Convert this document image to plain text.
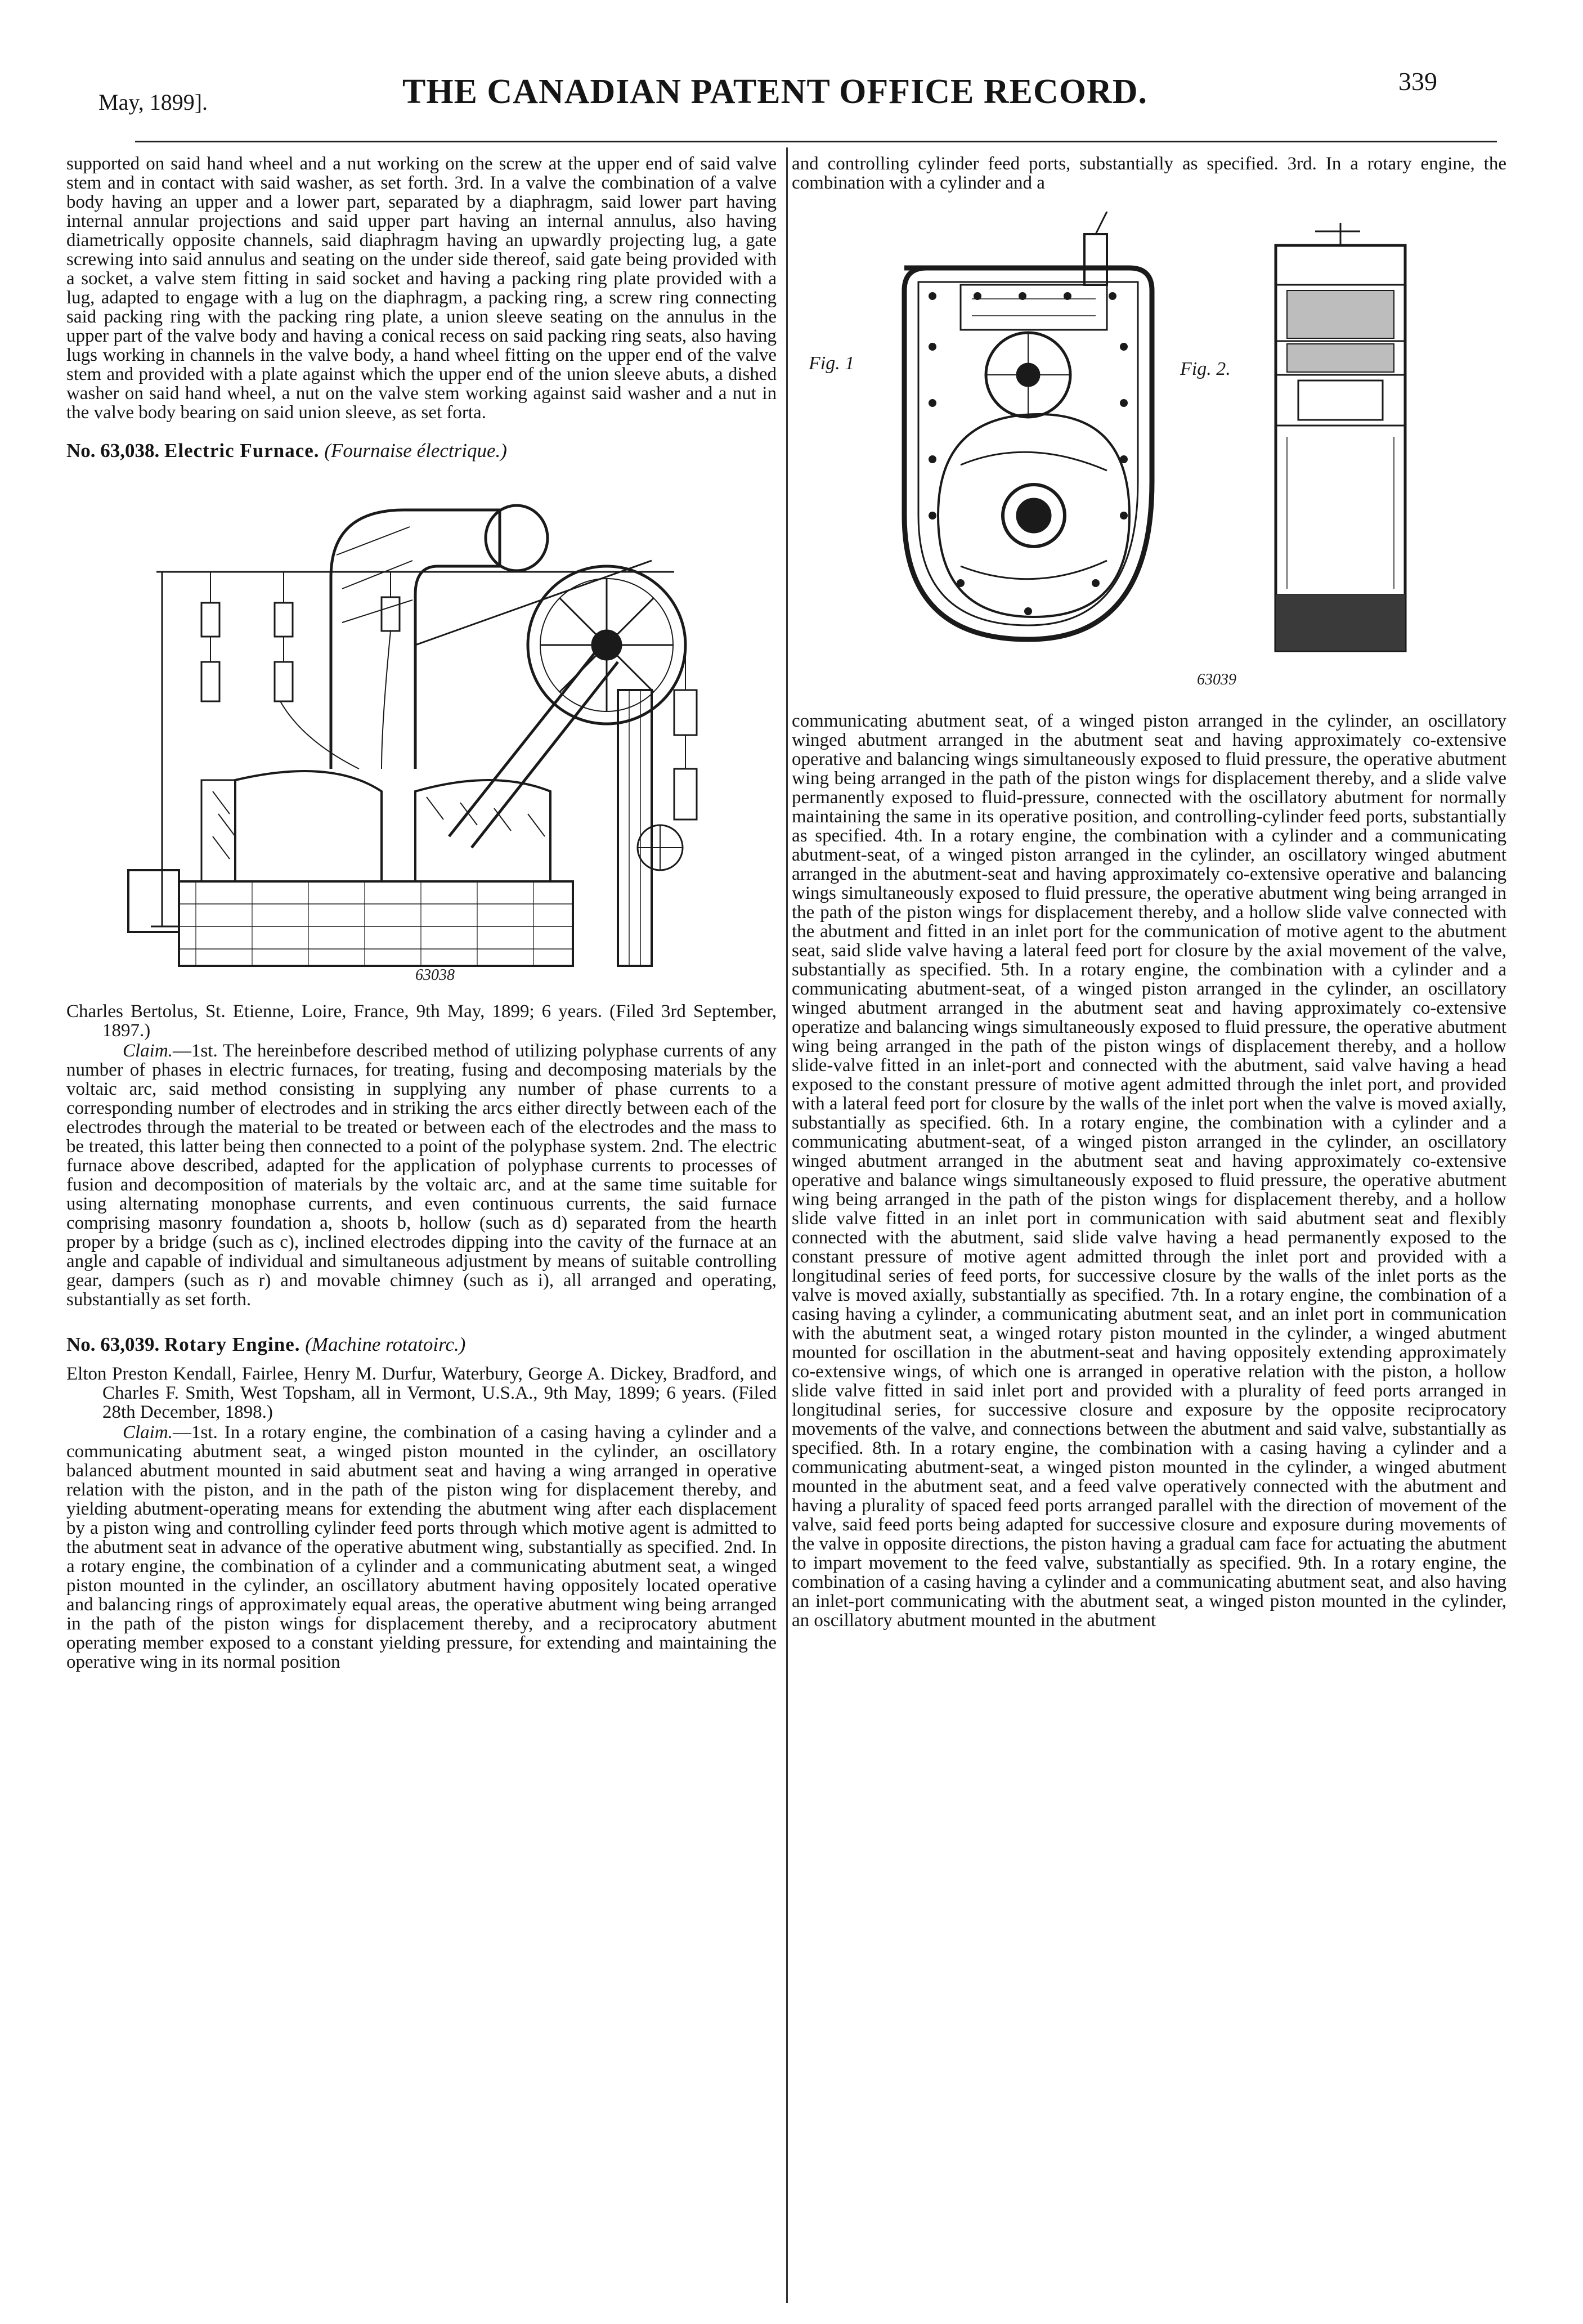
May, 1899].	THE CANADIAN PATENT OFFICE RECORD.	339

supported on said hand wheel and a nut working on the screw at the upper end of said valve stem and in contact with said washer, as set forth. 3rd. In a valve the combination of a valve body having an upper and a lower part, separated by a diaphragm, said lower part having internal annular projections and said upper part having an internal annulus, also having diametrically opposite channels, said diaphragm having an upwardly projecting lug, a gate screwing into said annulus and seating on the under side thereof, said gate being provided with a socket, a valve stem fitting in said socket and having a packing ring plate provided with a lug, adapted to engage with a lug on the diaphragm, a packing ring, a screw ring connecting said packing ring with the packing ring plate, a union sleeve seating on the annulus in the upper part of the valve body and having a conical recess on said packing ring seats, also having lugs working in channels in the valve body, a hand wheel fitting on the upper end of the valve stem and provided with a plate against which the upper end of the union sleeve abuts, a dished washer on said hand wheel, a nut on the valve stem working against said washer and a nut in the valve body bearing on said union sleeve, as set forta.

No. 63,038. Electric Furnace. (Fournaise électrique.)

63038

Charles Bertolus, St. Etienne, Loire, France, 9th May, 1899; 6 years. (Filed 3rd September, 1897.)

Claim.—1st. The hereinbefore described method of utilizing polyphase currents of any number of phases in electric furnaces, for treating, fusing and decomposing materials by the voltaic arc, said method consisting in supplying any number of phase currents to a corresponding number of electrodes and in striking the arcs either directly between each of the electrodes through the material to be treated or between each of the electrodes and the mass to be treated, this latter being then connected to a point of the polyphase system. 2nd. The electric furnace above described, adapted for the application of polyphase currents to processes of fusion and decomposition of materials by the voltaic arc, and at the same time suitable for using alternating monophase currents, and even continuous currents, the said furnace comprising masonry foundation a, shoots b, hollow (such as d) separated from the hearth proper by a bridge (such as c), inclined electrodes dipping into the cavity of the furnace at an angle and capable of individual and simultaneous adjustment by means of suitable controlling gear, dampers (such as r) and movable chimney (such as i), all arranged and operating, substantially as set forth.

No. 63,039. Rotary Engine. (Machine rotatoirc.)

Elton Preston Kendall, Fairlee, Henry M. Durfur, Waterbury, George A. Dickey, Bradford, and Charles F. Smith, West Topsham, all in Vermont, U.S.A., 9th May, 1899; 6 years. (Filed 28th December, 1898.)

Claim.—1st. In a rotary engine, the combination of a casing having a cylinder and a communicating abutment seat, a winged piston mounted in the cylinder, an oscillatory balanced abutment mounted in said abutment seat and having a wing arranged in operative relation with the piston, and in the path of the piston wing for displacement thereby, and yielding abutment-operating means for extending the abutment wing after each displacement by a piston wing and controlling cylinder feed ports through which motive agent is admitted to the abutment seat in advance of the operative abutment wing, substantially as specified. 2nd. In a rotary engine, the combination of a cylinder and a communicating abutment seat, a winged piston mounted in the cylinder, an oscillatory abutment having oppositely located operative and balancing rings of approximately equal areas, the operative abutment wing being arranged in the path of the piston wings for displacement thereby, and a reciprocatory abutment operating member exposed to a constant yielding pressure, for extending and maintaining the operative wing in its normal position

and controlling cylinder feed ports, substantially as specified. 3rd. In a rotary engine, the combination with a cylinder and a

Fig. 1	Fig. 2.
63039

communicating abutment seat, of a winged piston arranged in the cylinder, an oscillatory winged abutment arranged in the abutment seat and having approximately co-extensive operative and balancing wings simultaneously exposed to fluid pressure, the operative abutment wing being arranged in the path of the piston wings for displacement thereby, and a slide valve permanently exposed to fluid-pressure, connected with the oscillatory abutment for normally maintaining the same in its operative position, and controlling-cylinder feed ports, substantially as specified. 4th. In a rotary engine, the combination with a cylinder and a communicating abutment-seat, of a winged piston arranged in the cylinder, an oscillatory winged abutment arranged in the abutment-seat and having approximately co-extensive operative and balancing wings simultaneously exposed to fluid pressure, the operative abutment wing being arranged in the path of the piston wings for displacement thereby, and a hollow slide valve connected with the abutment and fitted in an inlet port for the communication of motive agent to the abutment seat, said slide valve having a lateral feed port for closure by the axial movement of the valve, substantially as specified. 5th. In a rotary engine, the combination with a cylinder and a communicating abutment-seat, of a winged piston arranged in the cylinder, an oscillatory winged abutment arranged in the abutment seat and having approximately co-extensive operatize and balancing wings simultaneously exposed to fluid pressure, the operative abutment wing being arranged in the path of the piston wings of displacement thereby, and a hollow slide-valve fitted in an inlet-port and connected with the abutment, said valve having a head exposed to the constant pressure of motive agent admitted through the inlet port, and provided with a lateral feed port for closure by the walls of the inlet port when the valve is moved axially, substantially as specified. 6th. In a rotary engine, the combination with a cylinder and a communicating abutment-seat, of a winged piston arranged in the cylinder, an oscillatory winged abutment arranged in the abutment seat and having approximately co-extensive operative and balance wings simultaneously exposed to fluid pressure, the operative abutment wing being arranged in the path of the piston wings for displacement thereby, and a hollow slide valve fitted in an inlet port in communication with said abutment seat and flexibly connected with the abutment, said slide valve having a head permanently exposed to the constant pressure of motive agent admitted through the inlet port and provided with a longitudinal series of feed ports, for successive closure by the walls of the inlet ports as the valve is moved axially, substantially as specified. 7th. In a rotary engine, the combination of a casing having a cylinder, a communicating abutment seat, and an inlet port in communication with the abutment seat, a winged rotary piston mounted in the cylinder, a winged abutment mounted for oscillation in the abutment-seat and having oppositely extending approximately co-extensive wings, of which one is arranged in operative relation with the piston, a hollow slide valve fitted in said inlet port and provided with a plurality of feed ports arranged in longitudinal series, for successive closure and exposure by the opposite reciprocatory movements of the valve, and connections between the abutment and said valve, substantially as specified. 8th. In a rotary engine, the combination with a casing having a cylinder and a communicating abutment-seat, a winged piston mounted in the cylinder, a winged abutment mounted in the abutment seat, and a feed valve operatively connected with the abutment and having a plurality of spaced feed ports arranged parallel with the direction of movement of the valve, said feed ports being adapted for successive closure and exposure during movements of the valve in opposite directions, the piston having a gradual cam face for actuating the abutment to impart movement to the feed valve, substantially as specified. 9th. In a rotary engine, the combination of a casing having a cylinder and a communicating abutment seat, and also having an inlet-port communicating with the abutment seat, a winged piston mounted in the cylinder, an oscillatory abutment mounted in the abutment
